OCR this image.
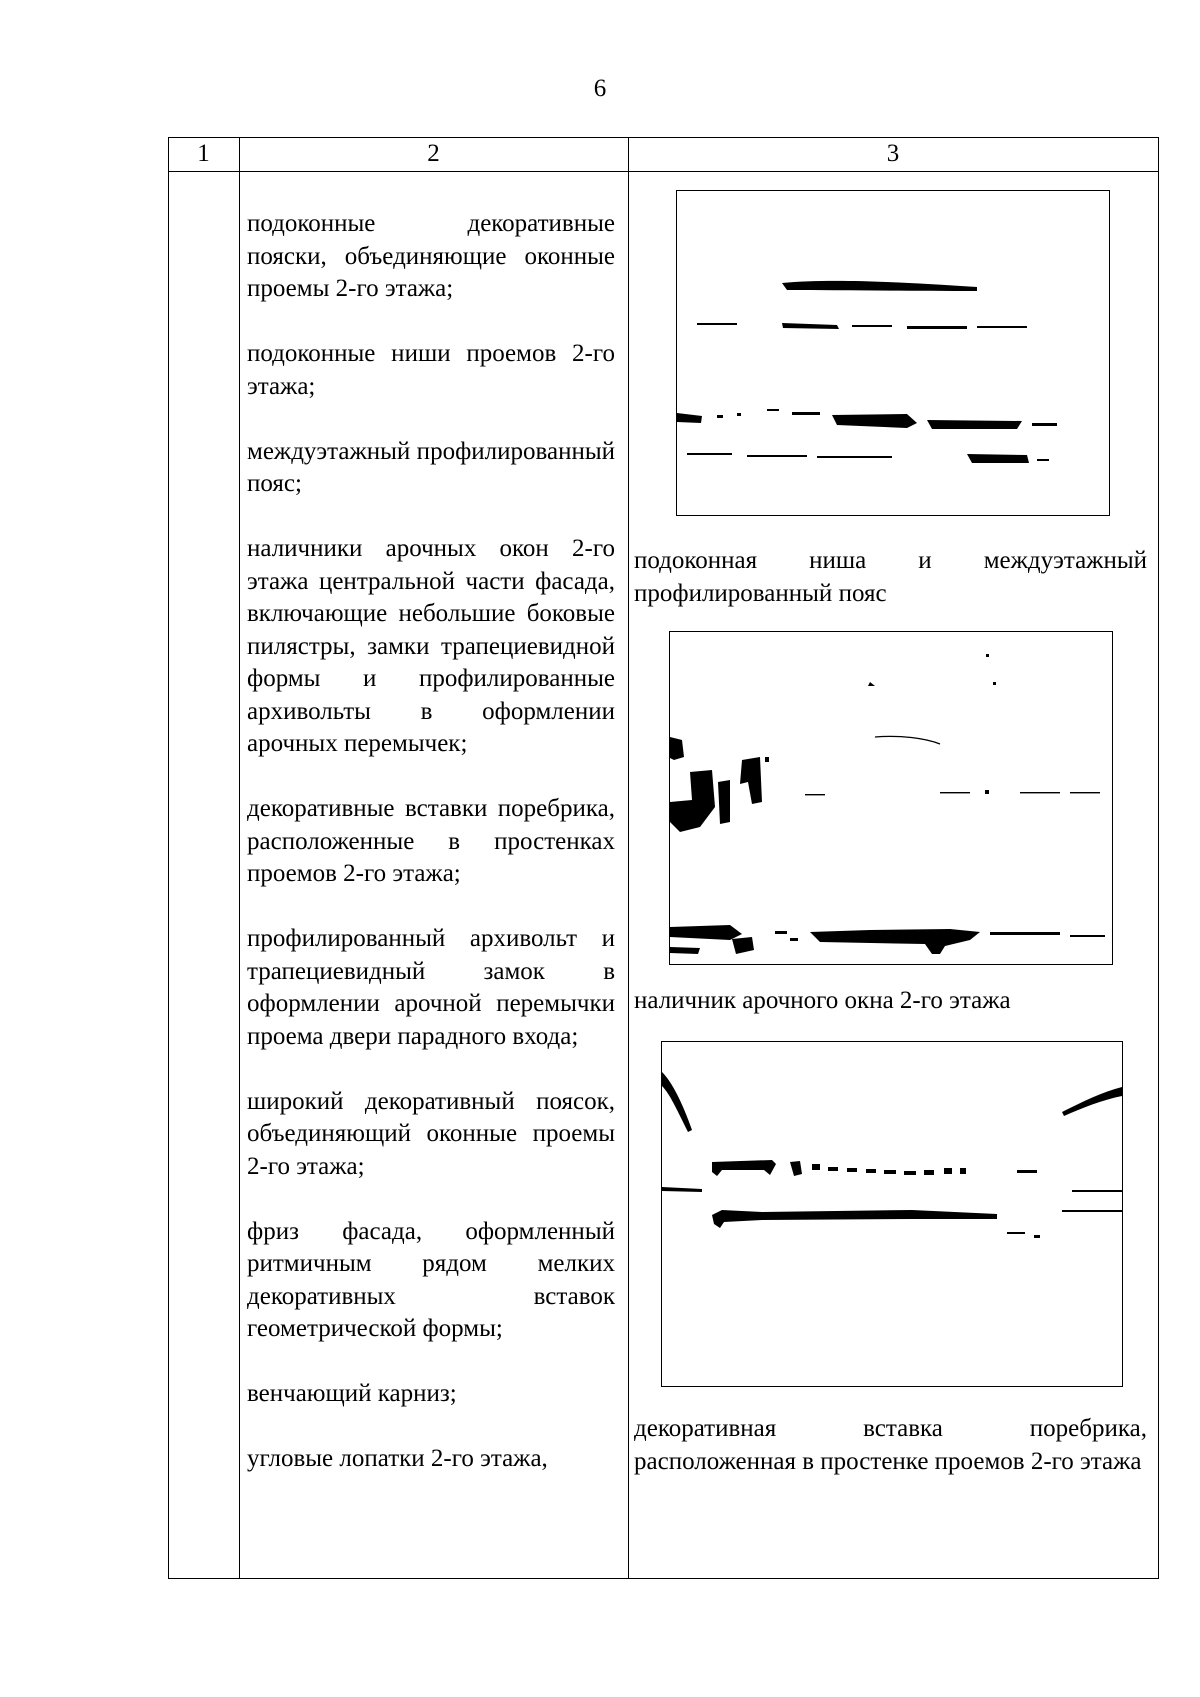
6
1	2	3

подоконные декоративные пояски, объединяющие оконные проемы 2-го этажа;

подоконные ниши проемов 2-го этажа;

междуэтажный профилированный пояс;

наличники арочных окон 2-го этажа центральной части фасада, включающие небольшие боковые пилястры, замки трапециевидной формы и профилированные архивольты в оформлении арочных перемычек;

декоративные вставки поребрика, расположенные в простенках проемов 2-го этажа;

профилированный архивольт и трапециевидный замок в оформлении арочной перемычки проема двери парадного входа;

широкий декоративный поясок, объединяющий оконные проемы 2-го этажа;

фриз фасада, оформленный ритмичным рядом мелких декоративных вставок геометрической формы;

венчающий карниз;

угловые лопатки 2-го этажа,

подоконная ниша и междуэтажный профилированный пояс

наличник арочного окна 2-го этажа

декоративная вставка поребрика, расположенная в простенке проемов 2-го этажа
